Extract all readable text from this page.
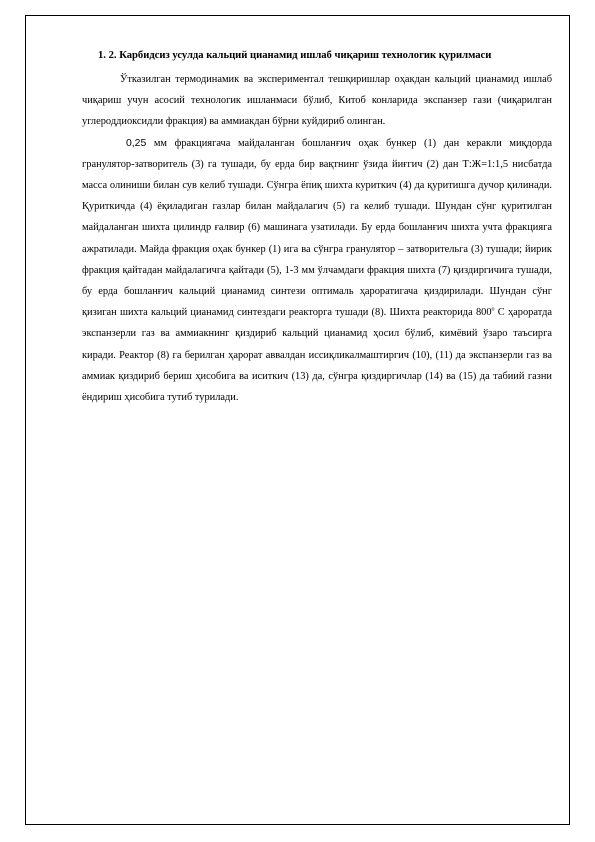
1. 2. Карбидсиз усулда кальций цианамид ишлаб чиқариш технологик қурилмаси

Ўтказилган термодинамик ва экспериментал тешқиришлар оҳакдан кальций цианамид ишлаб чиқариш учун асосий технологик ишланмаси бўлиб, Китоб конларида экспанзер гази (чиқарилган углероддиоксидли фракция) ва аммиакдан бўрни куйдириб олинган.

0,25 мм фракциягача майдаланган бошланғич оҳак бункер (1) дан керакли миқдорда гранулятор-затворитель (3) га тушади, бу ерда бир вақтнинг ўзида йиғгич (2) дан Т:Ж=1:1,5 нисбатда масса олиниши билан сув келиб тушади. Сўнгра ёпиқ шихта куриткич (4) да қуритишга дучор қилинади. Қуриткичда (4) ёқиладиган газлар билан майдалагич (5) га келиб тушади. Шундан сўнг қуритилган майдаланган шихта цилиндр ғалвир (6) машинага узатилади. Бу ерда бошланғич шихта учта фракцияга ажратилади. Майда фракция оҳак бункер (1) ига ва сўнгра гранулятор – затворительга (3) тушади; йирик фракция қайтадан майдалагичга қайтади (5), 1-3 мм ўлчамдаги фракция шихта (7) қиздиргичига тушади, бу ерда бошланғич кальций цианамид синтези оптималь ҳароратигача қиздирилади. Шундан сўнг қизиган шихта кальций цианамид синтездаги реакторга тушади (8). Шихта реакторида 800$^o$ С ҳароратда экспанзерли газ ва аммиакнинг қиздириб кальций цианамид ҳосил бўлиб, кимёвий ўзаро таъсирга киради. Реактор (8) га берилган ҳарорат аввалдан иссиқликалмаштиргич (10), (11) да экспанзерли газ ва аммиак қиздириб бериш ҳисобига ва иситкич (13) да, сўнгра қиздиргичлар (14) ва (15) да табиий газни ёндириш ҳисобига тутиб турилади.
